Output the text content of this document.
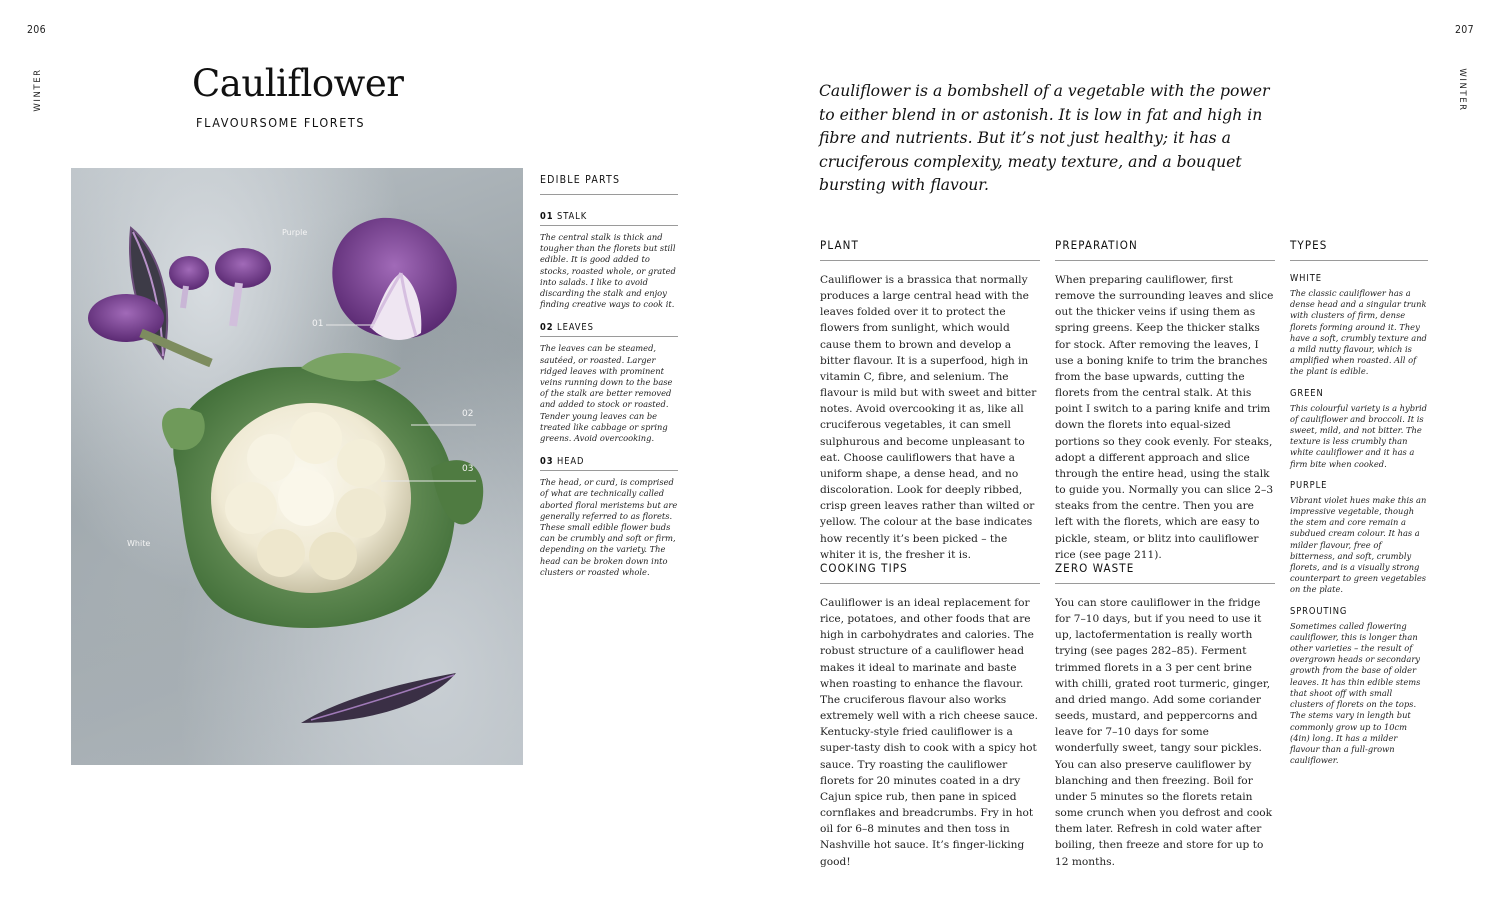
206	207
WINTER	WINTER
Cauliflower
FLAVOURSOME FLORETS
Purple
White
01
02
03
EDIBLE PARTS
01 STALK
The central stalk is thick and tougher than the florets but still edible. It is good added to stocks, roasted whole, or grated into salads. I like to avoid discarding the stalk and enjoy finding creative ways to cook it.
02 LEAVES
The leaves can be steamed, sautéed, or roasted. Larger ridged leaves with prominent veins running down to the base of the stalk are better removed and added to stock or roasted. Tender young leaves can be treated like cabbage or spring greens. Avoid overcooking.
03 HEAD
The head, or curd, is comprised of what are technically called aborted floral meristems but are generally referred to as florets. These small edible flower buds can be crumbly and soft or firm, depending on the variety. The head can be broken down into clusters or roasted whole.
Cauliflower is a bombshell of a vegetable with the power to either blend in or astonish. It is low in fat and high in fibre and nutrients. But it’s not just healthy; it has a cruciferous complexity, meaty texture, and a bouquet bursting with flavour.
PLANT
Cauliflower is a brassica that normally produces a large central head with the leaves folded over it to protect the flowers from sunlight, which would cause them to brown and develop a bitter flavour. It is a superfood, high in vitamin C, fibre, and selenium. The flavour is mild but with sweet and bitter notes. Avoid overcooking it as, like all cruciferous vegetables, it can smell sulphurous and become unpleasant to eat. Choose cauliflowers that have a uniform shape, a dense head, and no discoloration. Look for deeply ribbed, crisp green leaves rather than wilted or yellow. The colour at the base indicates how recently it’s been picked – the whiter it is, the fresher it is.
PREPARATION
When preparing cauliflower, first remove the surrounding leaves and slice out the thicker veins if using them as spring greens. Keep the thicker stalks for stock. After removing the leaves, I use a boning knife to trim the branches from the base upwards, cutting the florets from the central stalk. At this point I switch to a paring knife and trim down the florets into equal-sized portions so they cook evenly. For steaks, adopt a different approach and slice through the entire head, using the stalk to guide you. Normally you can slice 2–3 steaks from the centre. Then you are left with the florets, which are easy to pickle, steam, or blitz into cauliflower rice (see page 211).
COOKING TIPS
Cauliflower is an ideal replacement for rice, potatoes, and other foods that are high in carbohydrates and calories. The robust structure of a cauliflower head makes it ideal to marinate and baste when roasting to enhance the flavour. The cruciferous flavour also works extremely well with a rich cheese sauce. Kentucky-style fried cauliflower is a super-tasty dish to cook with a spicy hot sauce. Try roasting the cauliflower florets for 20 minutes coated in a dry Cajun spice rub, then pane in spiced cornflakes and breadcrumbs. Fry in hot oil for 6–8 minutes and then toss in Nashville hot sauce. It’s finger-licking good!
ZERO WASTE
You can store cauliflower in the fridge for 7–10 days, but if you need to use it up, lactofermentation is really worth trying (see pages 282–85). Ferment trimmed florets in a 3 per cent brine with chilli, grated root turmeric, ginger, and dried mango. Add some coriander seeds, mustard, and peppercorns and leave for 7–10 days for some wonderfully sweet, tangy sour pickles. You can also preserve cauliflower by blanching and then freezing. Boil for under 5 minutes so the florets retain some crunch when you defrost and cook them later. Refresh in cold water after boiling, then freeze and store for up to 12 months.
TYPES
WHITE
The classic cauliflower has a dense head and a singular trunk with clusters of firm, dense florets forming around it. They have a soft, crumbly texture and a mild nutty flavour, which is amplified when roasted. All of the plant is edible.
GREEN
This colourful variety is a hybrid of cauliflower and broccoli. It is sweet, mild, and not bitter. The texture is less crumbly than white cauliflower and it has a firm bite when cooked.
PURPLE
Vibrant violet hues make this an impressive vegetable, though the stem and core remain a subdued cream colour. It has a milder flavour, free of bitterness, and soft, crumbly florets, and is a visually strong counterpart to green vegetables on the plate.
SPROUTING
Sometimes called flowering cauliflower, this is longer than other varieties – the result of overgrown heads or secondary growth from the base of older leaves. It has thin edible stems that shoot off with small clusters of florets on the tops. The stems vary in length but commonly grow up to 10cm (4in) long. It has a milder flavour than a full-grown cauliflower.
